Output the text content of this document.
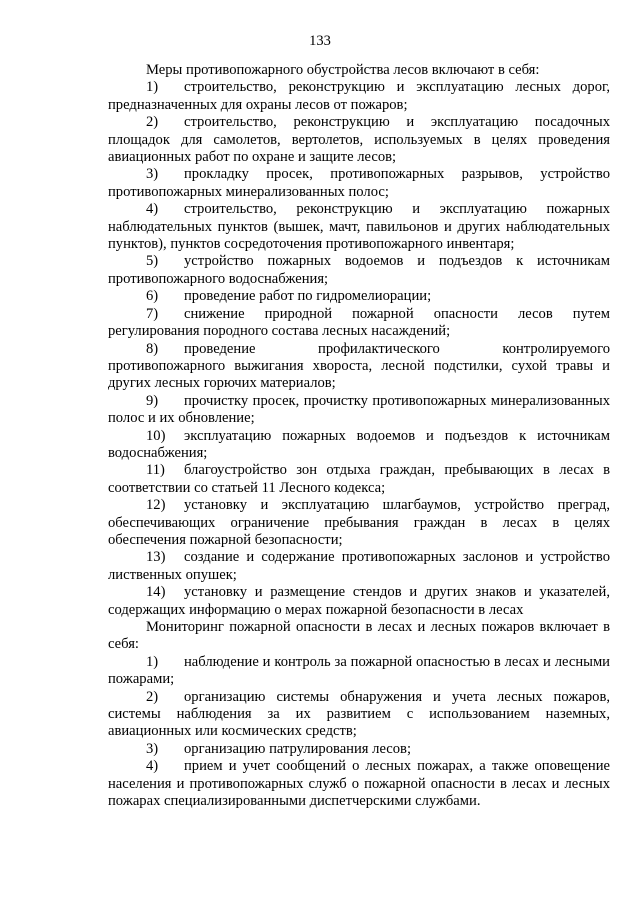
133

Меры противопожарного обустройства лесов включают в себя:

1) строительство, реконструкцию и эксплуатацию лесных дорог, предназначенных для охраны лесов от пожаров;

2) строительство, реконструкцию и эксплуатацию посадочных площадок для самолетов, вертолетов, используемых в целях проведения авиационных работ по охране и защите лесов;

3) прокладку просек, противопожарных разрывов, устройство противопожарных минерализованных полос;

4) строительство, реконструкцию и эксплуатацию пожарных наблюдательных пунктов (вышек, мачт, павильонов и других наблюдательных пунктов), пунктов сосредоточения противопожарного инвентаря;

5) устройство пожарных водоемов и подъездов к источникам противопожарного водоснабжения;

6) проведение работ по гидромелиорации;

7) снижение природной пожарной опасности лесов путем регулирования породного состава лесных насаждений;

8) проведение профилактического контролируемого противопожарного выжигания хвороста, лесной подстилки, сухой травы и других лесных горючих материалов;

9) прочистку просек, прочистку противопожарных минерализованных полос и их обновление;

10) эксплуатацию пожарных водоемов и подъездов к источникам водоснабжения;

11) благоустройство зон отдыха граждан, пребывающих в лесах в соответствии со статьей 11 Лесного кодекса;

12) установку и эксплуатацию шлагбаумов, устройство преград, обеспечивающих ограничение пребывания граждан в лесах в целях обеспечения пожарной безопасности;

13) создание и содержание противопожарных заслонов и устройство лиственных опушек;

14) установку и размещение стендов и других знаков и указателей, содержащих информацию о мерах пожарной безопасности в лесах

Мониторинг пожарной опасности в лесах и лесных пожаров включает в себя:

1) наблюдение и контроль за пожарной опасностью в лесах и лесными пожарами;

2) организацию системы обнаружения и учета лесных пожаров, системы наблюдения за их развитием с использованием наземных, авиационных или космических средств;

3) организацию патрулирования лесов;

4) прием и учет сообщений о лесных пожарах, а также оповещение населения и противопожарных служб о пожарной опасности в лесах и лесных пожарах специализированными диспетчерскими службами.
